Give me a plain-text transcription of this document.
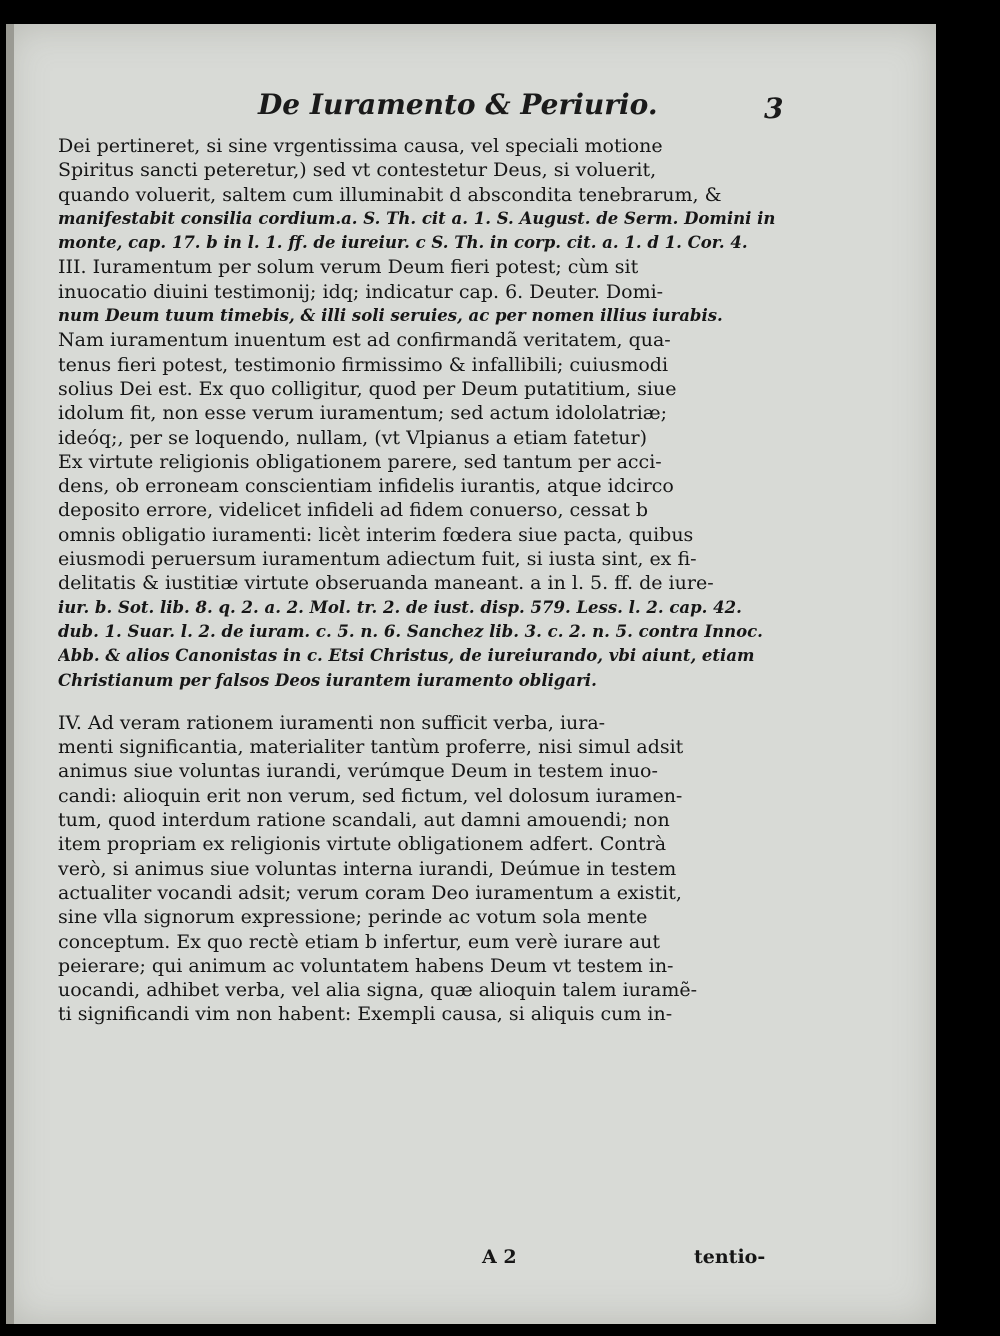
De Iuramento & Periurio.	3
Dei pertineret, si sine vrgentissima causa, vel speciali motione
Spiritus sancti peteretur,) sed vt contestetur Deus, si voluerit,
quando voluerit, saltem cum illuminabit d abscondita tenebrarum, &
manifestabit consilia cordium.a. S. Th. cit a. 1. S. August. de Serm. Domini in
monte, cap. 17. b in l. 1. ff. de iureiur. c S. Th. in corp. cit. a. 1. d 1. Cor. 4.
III. Iuramentum per solum verum Deum fieri potest; cùm sit
inuocatio diuini testimonij; idq; indicatur cap. 6. Deuter. Domi-
num Deum tuum timebis, & illi soli seruies, ac per nomen illius iurabis.
Nam iuramentum inuentum est ad confirmandã veritatem, qua-
tenus fieri potest, testimonio firmissimo & infallibili; cuiusmodi
solius Dei est. Ex quo colligitur, quod per Deum putatitium, siue
idolum fit, non esse verum iuramentum; sed actum idololatriæ;
ideóq;, per se loquendo, nullam, (vt Vlpianus a etiam fatetur)
Ex virtute religionis obligationem parere, sed tantum per acci-
dens, ob erroneam conscientiam infidelis iurantis, atque idcirco
deposito errore, videlicet infideli ad fidem conuerso, cessat b
omnis obligatio iuramenti: licèt interim fœdera siue pacta, quibus
eiusmodi peruersum iuramentum adiectum fuit, si iusta sint, ex fi-
delitatis & iustitiæ virtute obseruanda maneant. a in l. 5. ff. de iure-
iur. b. Sot. lib. 8. q. 2. a. 2. Mol. tr. 2. de iust. disp. 579. Less. l. 2. cap. 42.
dub. 1. Suar. l. 2. de iuram. c. 5. n. 6. Sanchez lib. 3. c. 2. n. 5. contra Innoc.
Abb. & alios Canonistas in c. Etsi Christus, de iureiurando, vbi aiunt, etiam
Christianum per falsos Deos iurantem iuramento obligari.
IV. Ad veram rationem iuramenti non sufficit verba, iura-
menti significantia, materialiter tantùm proferre, nisi simul adsit
animus siue voluntas iurandi, verúmque Deum in testem inuo-
candi: alioquin erit non verum, sed fictum, vel dolosum iuramen-
tum, quod interdum ratione scandali, aut damni amouendi; non
item propriam ex religionis virtute obligationem adfert. Contrà
verò, si animus siue voluntas interna iurandi, Deúmue in testem
actualiter vocandi adsit; verum coram Deo iuramentum a existit,
sine vlla signorum expressione; perinde ac votum sola mente
conceptum. Ex quo rectè etiam b infertur, eum verè iurare aut
peierare; qui animum ac voluntatem habens Deum vt testem in-
uocandi, adhibet verba, vel alia signa, quæ alioquin talem iuramẽ-
ti significandi vim non habent: Exempli causa, si aliquis cum in-
A 2	tentio-
